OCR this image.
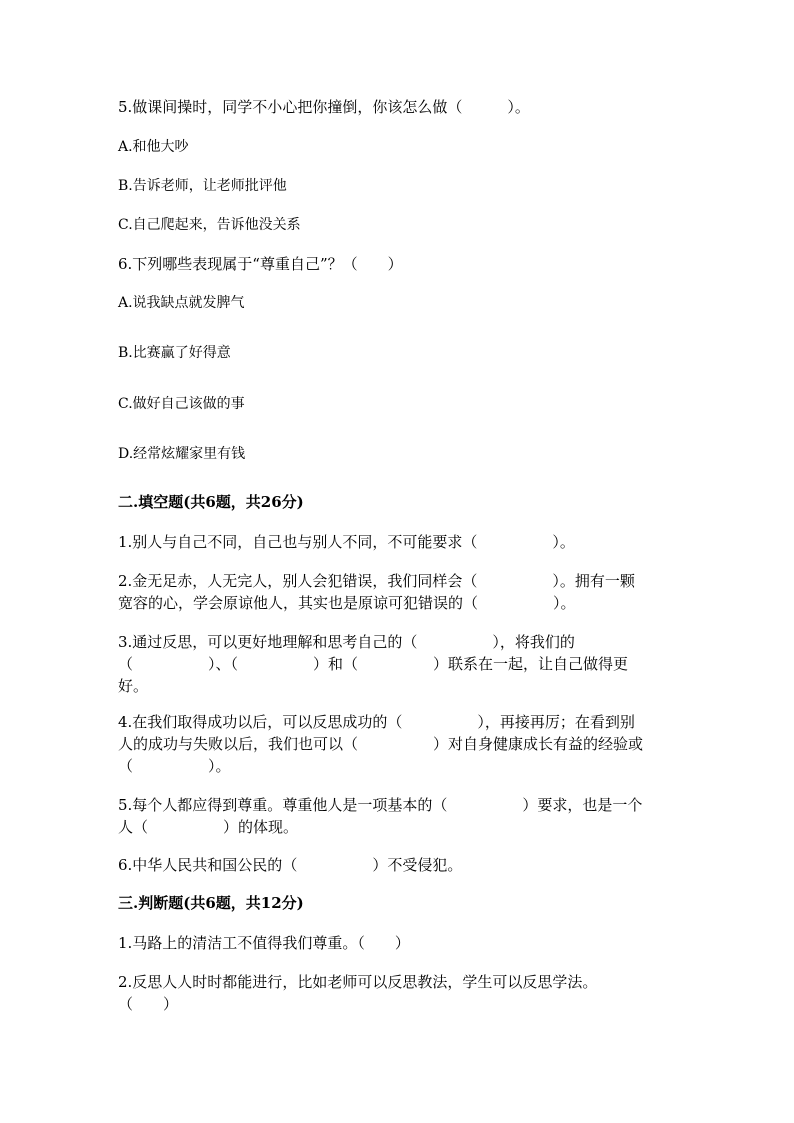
5.做课间操时，同学不小心把你撞倒，你该怎么做（　　　）。
A.和他大吵
B.告诉老师，让老师批评他
C.自己爬起来，告诉他没关系
6.下列哪些表现属于“尊重自己”？（　　）
A.说我缺点就发脾气
B.比赛赢了好得意
C.做好自己该做的事
D.经常炫耀家里有钱
二.填空题(共6题，共26分)
1.别人与自己不同，自己也与别人不同，不可能要求（　　　　　）。
2.金无足赤，人无完人，别人会犯错误，我们同样会（　　　　　）。拥有一颗
宽容的心，学会原谅他人，其实也是原谅可犯错误的（　　　　　）。
3.通过反思，可以更好地理解和思考自己的（　　　　　），将我们的
（　　　　　）、（　　　　　）和（　　　　　）联系在一起，让自己做得更
好。
4.在我们取得成功以后，可以反思成功的（　　　　　），再接再厉；在看到别
人的成功与失败以后，我们也可以（　　　　　）对自身健康成长有益的经验或
（　　　　　）。
5.每个人都应得到尊重。尊重他人是一项基本的（　　　　　）要求，也是一个
人（　　　　　）的体现。
6.中华人民共和国公民的（　　　　　）不受侵犯。
三.判断题(共6题，共12分)
1.马路上的清洁工不值得我们尊重。（　　）
2.反思人人时时都能进行，比如老师可以反思教法，学生可以反思学法。
（　　）
